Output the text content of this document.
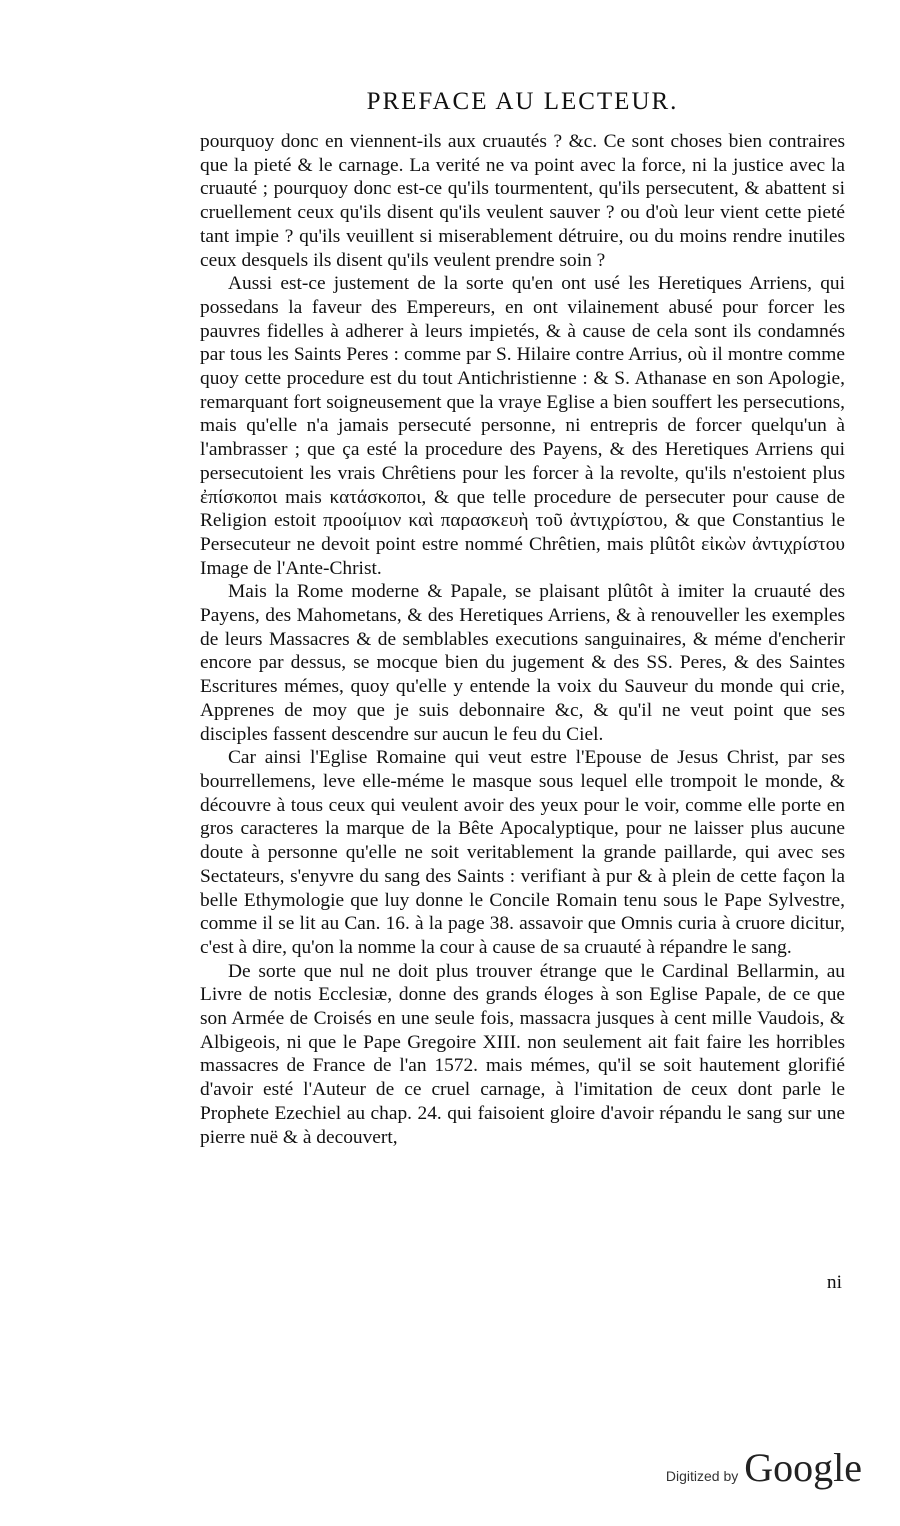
PREFACE AU LECTEUR.

pourquoy donc en viennent-ils aux cruautés ? &c. Ce sont choses bien contraires que la pieté & le carnage. La verité ne va point avec la force, ni la justice avec la cruauté ; pourquoy donc est-ce qu'ils tourmentent, qu'ils persecutent, & abattent si cruellement ceux qu'ils disent qu'ils veulent sauver ? ou d'où leur vient cette pieté tant impie ? qu'ils veuillent si miserablement détruire, ou du moins rendre inutiles ceux desquels ils disent qu'ils veulent prendre soin ?

Aussi est-ce justement de la sorte qu'en ont usé les Heretiques Arriens, qui possedans la faveur des Empereurs, en ont vilainement abusé pour forcer les pauvres fidelles à adherer à leurs impietés, & à cause de cela sont ils condamnés par tous les Saints Peres : comme par S. Hilaire contre Arrius, où il montre comme quoy cette procedure est du tout Antichristienne : & S. Athanase en son Apologie, remarquant fort soigneusement que la vraye Eglise a bien souffert les persecutions, mais qu'elle n'a jamais persecuté personne, ni entrepris de forcer quelqu'un à l'ambrasser ; que ça esté la procedure des Payens, & des Heretiques Arriens qui persecutoient les vrais Chrêtiens pour les forcer à la revolte, qu'ils n'estoient plus ἐπίσκοποι mais κατάσκοποι, & que telle procedure de persecuter pour cause de Religion estoit προοίμιον καὶ παρασκευὴ τοῦ ἀντιχρίστου, & que Constantius le Persecuteur ne devoit point estre nommé Chrêtien, mais plûtôt εἰκὼν ἀντιχρίστου Image de l'Ante-Christ.

Mais la Rome moderne & Papale, se plaisant plûtôt à imiter la cruauté des Payens, des Mahometans, & des Heretiques Arriens, & à renouveller les exemples de leurs Massacres & de semblables executions sanguinaires, & méme d'encherir encore par dessus, se mocque bien du jugement & des SS. Peres, & des Saintes Escritures mémes, quoy qu'elle y entende la voix du Sauveur du monde qui crie, Apprenes de moy que je suis debonnaire &c, & qu'il ne veut point que ses disciples fassent descendre sur aucun le feu du Ciel.

Car ainsi l'Eglise Romaine qui veut estre l'Epouse de Jesus Christ, par ses bourrellemens, leve elle-méme le masque sous lequel elle trompoit le monde, & découvre à tous ceux qui veulent avoir des yeux pour le voir, comme elle porte en gros caracteres la marque de la Bête Apocalyptique, pour ne laisser plus aucune doute à personne qu'elle ne soit veritablement la grande paillarde, qui avec ses Sectateurs, s'enyvre du sang des Saints : verifiant à pur & à plein de cette façon la belle Ethymologie que luy donne le Concile Romain tenu sous le Pape Sylvestre, comme il se lit au Can. 16. à la page 38. assavoir que Omnis curia à cruore dicitur, c'est à dire, qu'on la nomme la cour à cause de sa cruauté à répandre le sang.

De sorte que nul ne doit plus trouver étrange que le Cardinal Bellarmin, au Livre de notis Ecclesiæ, donne des grands éloges à son Eglise Papale, de ce que son Armée de Croisés en une seule fois, massacra jusques à cent mille Vaudois, & Albigeois, ni que le Pape Gregoire XIII. non seulement ait fait faire les horribles massacres de France de l'an 1572. mais mémes, qu'il se soit hautement glorifié d'avoir esté l'Auteur de ce cruel carnage, à l'imitation de ceux dont parle le Prophete Ezechiel au chap. 24. qui faisoient gloire d'avoir répandu le sang sur une pierre nuë & à decouvert,

ni
Digitized by Google
